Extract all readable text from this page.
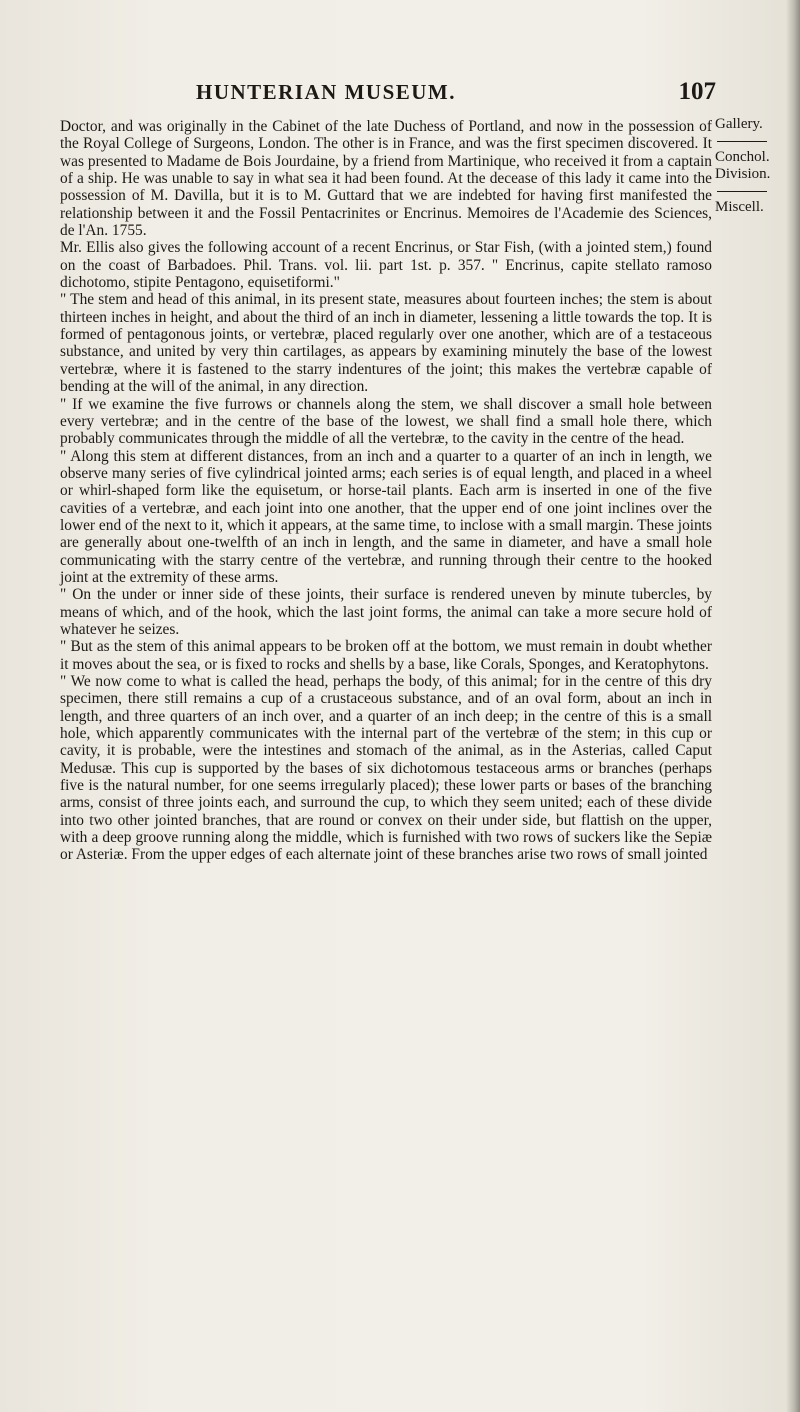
HUNTERIAN MUSEUM.	107
Gallery.
Conchol.
Division.
Miscell.

Doctor, and was originally in the Cabinet of the late Duchess of Portland, and now in the possession of the Royal College of Surgeons, London. The other is in France, and was the first specimen discovered. It was presented to Madame de Bois Jourdaine, by a friend from Martinique, who received it from a captain of a ship. He was unable to say in what sea it had been found. At the decease of this lady it came into the possession of M. Davilla, but it is to M. Guttard that we are indebted for having first manifested the relationship between it and the Fossil Pentacrinites or Encrinus. Memoires de l'Academie des Sciences, de l'An. 1755.

Mr. Ellis also gives the following account of a recent Encrinus, or Star Fish, (with a jointed stem,) found on the coast of Barbadoes. Phil. Trans. vol. lii. part 1st. p. 357. " Encrinus, capite stellato ramoso dichotomo, stipite Pentagono, equisetiformi."

" The stem and head of this animal, in its present state, measures about fourteen inches; the stem is about thirteen inches in height, and about the third of an inch in diameter, lessening a little towards the top. It is formed of pentagonous joints, or vertebræ, placed regularly over one another, which are of a testaceous substance, and united by very thin cartilages, as appears by examining minutely the base of the lowest vertebræ, where it is fastened to the starry indentures of the joint; this makes the vertebræ capable of bending at the will of the animal, in any direction.

" If we examine the five furrows or channels along the stem, we shall discover a small hole between every vertebræ; and in the centre of the base of the lowest, we shall find a small hole there, which probably communicates through the middle of all the vertebræ, to the cavity in the centre of the head.

" Along this stem at different distances, from an inch and a quarter to a quarter of an inch in length, we observe many series of five cylindrical jointed arms; each series is of equal length, and placed in a wheel or whirl-shaped form like the equisetum, or horse-tail plants. Each arm is inserted in one of the five cavities of a vertebræ, and each joint into one another, that the upper end of one joint inclines over the lower end of the next to it, which it appears, at the same time, to inclose with a small margin. These joints are generally about one-twelfth of an inch in length, and the same in diameter, and have a small hole communicating with the starry centre of the vertebræ, and running through their centre to the hooked joint at the extremity of these arms.

" On the under or inner side of these joints, their surface is rendered uneven by minute tubercles, by means of which, and of the hook, which the last joint forms, the animal can take a more secure hold of whatever he seizes.

" But as the stem of this animal appears to be broken off at the bottom, we must remain in doubt whether it moves about the sea, or is fixed to rocks and shells by a base, like Corals, Sponges, and Keratophytons.

" We now come to what is called the head, perhaps the body, of this animal; for in the centre of this dry specimen, there still remains a cup of a crustaceous substance, and of an oval form, about an inch in length, and three quarters of an inch over, and a quarter of an inch deep; in the centre of this is a small hole, which apparently communicates with the internal part of the vertebræ of the stem; in this cup or cavity, it is probable, were the intestines and stomach of the animal, as in the Asterias, called Caput Medusæ. This cup is supported by the bases of six dichotomous testaceous arms or branches (perhaps five is the natural number, for one seems irregularly placed); these lower parts or bases of the branching arms, consist of three joints each, and surround the cup, to which they seem united; each of these divide into two other jointed branches, that are round or convex on their under side, but flattish on the upper, with a deep groove running along the middle, which is furnished with two rows of suckers like the Sepiæ or Asteriæ. From the upper edges of each alternate joint of these branches arise two rows of small jointed
